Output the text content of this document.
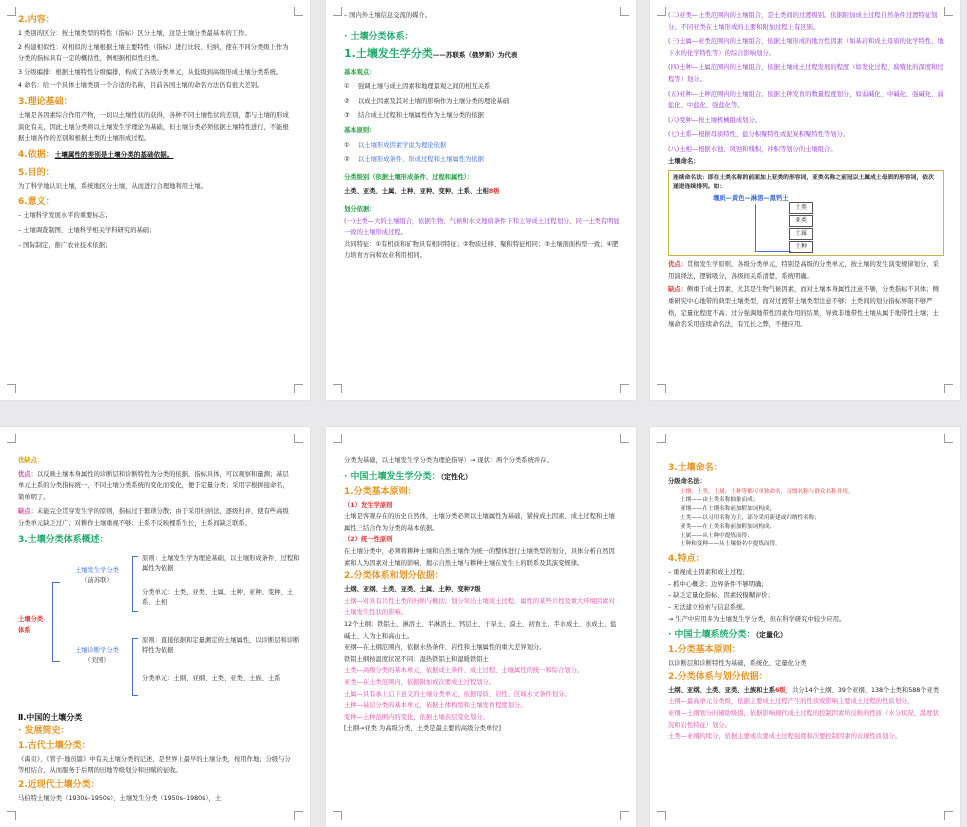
2.内容：

1 类别的区分：按土壤类型的特性（指标）区分土壤，这是土壤分类最基本的工作。

2 构建相似性：对相似的土壤根据土壤主要特性（指标）进行比较、归纳，使在不同分类级上作为分类的指标具有一定的概括性，例相据相似性归类。

3 分级编排：根据土壤特性分级编排，构成了各级分类单元，从低级到高级形成土壤分类系统。

4 命名：给一个具体土壤类别一个合适的名称，目前各国土壤的命名方法仍有很大差别。

3.理论基础：

土壤是各因素综合作用产物，一切以土壤性状的获得，各种不同土壤性状的差别，都与土壤的形成演化有关，因此土壤分类将以土壤发生学理论为基础，但土壤分类必须依据土壤特性进行，不能根据土壤各作的差别和根据土类的土壤形成过程。

4.依据：土壤属性的差别是土壤分类的基础依据。
5.目的：

为了科学地认识土壤，系统地区分土壤，从而进行合理地利用土壤。

6.意义：

– 土壤科学发展水平的重要标志；

– 土壤调查制图、土壤科学相关学科研究的基础；

– 国际制定，推广农业技术依据；

– 国内外土壤信息交流的媒介。

· 土壤分类体系：
1.土壤发生学分类——苏联系（俄罗斯）为代表

基本观点：

① 强调土壤与成土因素和地理景观之间的相互关系

② 以成土因素及其对土壤的影响作为土壤分类的理论基础

③ 结合成土过程和土壤属性作为土壤分类的依据

基本原则：

① 以土壤形成因素学说为理论依据

② 以土壤形成条件、形成过程和土壤属性为依据

分类级别（依据土壤形成条件、过程和属性）：

土类、亚类、土属、土种、亚种、变种、土系、土相8级

划分依据：

(一)土类—大的土壤组合，依据生物、气候和水文地质条件下和主导成土过程划分。同一土类有明显一致的土壤形成过程。

共同特征：①有机质和矿物具有相同特征；②物质迁移、聚积特征相同；③土壤剖面构型一致；④肥力培育方向和农业利用相同。

(二)亚类—土类范围内的土壤组合，是土类间的过渡级别。依据附加成土过程自然条件过渡特征划分。不同亚类在土壤形成的主要和附加过程上有区别。

(三)土属—亚类范围内的土壤组合，依据土壤形成的地方性因素（如基岩和成土母质的化学特性、地下水的化学特性等）的综合影响划分。

(四)土种—土属范围内的土壤组合，依据土壤成土过程发展的程度（如发化过程、腐殖化的深度和过程等）划分。

(五)亚种—土种范围内的土壤组合。依据土种发育的数量程度划分，如弱碱化、中碱化、强碱化、弱盐化、中盐化、强盐化等。

(六)变种—按土壤机械组成划分。

(七)土系—根据母质特性、盐分积聚特性或泥炭积聚特性等划分。

(八)土相—根据水蚀、风蚀和残积，冲积等划分的土壤组合。

土壤命名：

连续命名法：即在土类名称的前面加上亚类的形容词，亚类名称之前冠以土属成土母质的形容词，依次递进连续排列。如：

壤质—黄色—淋溶—黑钙土

土类
亚类
土属
土种

优点：贯彻发生学原则，各级分类单元，特别是高级的分类单元，按土壤的发生演变规律划分，采用演绎法，逻辑吸分，各级间关系清楚，系统明确。

缺点：侧重于成土因素，尤其是生物气候因素，而对土壤本身属性注意不够，分类指标不具体；侧重研究中心地带的典型土壤类型，而对过渡带土壤类型注意不够；土类间的划分指标界限不够严格，定量化程度不高；过分强调地带性因素作用的结果，导致非地带性土壤从属于地带性土壤；土壤命名采用连续命名法，有冗长之弊，不便应用。

优缺点：

优点：以反映土壤本身属性的诊断层和诊断特性为分类的依据，指标具体，可以观察和量测；基层单元土系的分类指标统一，不同土壤分类系统的变化而变化，便于定量分类；采用字根拼接命名，简单明了。

缺点：未能完全贯穿发生学的原则，指标过于繁琐分散；由于采用归纳法，逐级归并，使有些高级分类单元缺乏过广；对耕作土壤重视不够；土系不反映棵系生长，土系间缺乏联系。

3.土壤分类体系概述：
土壤分类体系
土壤发生学分类
（前苏联）
原则：土壤发生学为理论基础，以土壤形成条件、过程和属性为依据
分类单元：土类、亚类、土属、土种、亚种、变种、土系、土相
土壤诊断学分类
（美国）
原则：直接依据和定量测定的土壤属性，以诊断层和诊断特性为依据
分类单元：土纲、亚纲、土类、亚类、土族、土系
Ⅱ.中国的土壤分类
· 发展简史：
1.古代土壤分类：

《禹贡》、《管子·地员篇》中有关土壤分类的记述，是世界上最早的土壤分类，按用作地；分级与分等相结合，从而服务于后期的田地等级划分和田赋的征收。

2.近现代土壤分类：

马伯特土壤分类（1930s–1950s）、土壤发生分类（1950s–1980s），土

分类为基础，以土壤发生学分类为理论指导）→ 现状：两个分类系统并存。

· 中国土壤发生学分类：（定性化）
1.分类基本原则：

（1）发生学原则

土壤是客观存在的历史自然体，土壤分类必须以土壤属性为基础，紧持成土因素、成土过程和土壤属性三结合作为分类的基本依据。

（2）统一性原则

在土壤分类中，必须将耕种土壤和自然土壤作为统一的整体进行土壤类型的划分，具体分析自然因素和人为因素对土壤的影响，揭示自然土壤与耕种土壤在发生上的联系及其演变规律。

2.分类体系和划分依据：

土纲、亚纲、土类、亚类、土属、土种、变种7级

土纲—对具有共性土类的归纳与概括。划分突出土壤成土过程、属性的某些共性及重大环境因素对土壤发生性状的影响。

12个土纲：铁铝土、淋溶土、半淋溶土、钙层土、干旱土、漠土、初育土、半水成土、水成土、盐碱土、人为土和高山土。

亚纲—在土纲范围内，依据水热条件、岩性和土壤属性的重大差异划分。

铁铝土纲按温度状况不同：湿热铁铝土和湿暖铁铝土

土类—高级分类的基本单元，依据成土条件、成土过程、土壤属性的统一和综合划分。

亚类—在土类范围内，依据附加或次要成土过程划分。

土属—具有承上启下意义的土壤分类单元，依据母质、岩性、区域水文条件划分。

土种—基层分类的基本单元，依据土体构型和土壤发育程度划分。

变种—土种范围内的变化，依据土壤表层变化划分。

[土纲→亚类 为高级分类，土类是最主要的高级分类单位]

3.土壤命名：

分级命名法：

土纲、土类、土属、土种等都可单独命名，习惯名称与群众名称并用。
土纲——由土类名称抽象而成；
亚纲——在土纲名称前加附加词构成；
土类——以习用名称为主，部分采用新建或归纳性名称；
亚类——在土类名称前加附加词构成；
土属——从土种中提炼而得；
土种和变种——从土壤俗名中提炼而得。
4.特点：

– 重视成土因素和成土过程；

– 抓中心概念；边界条件不够明确；

– 缺乏定量化指标，因素较模糊评价；

– 无法建立检索与信息系统。

→ 生产中应用多为土壤发生学分类，但在科学研究中较少应用。

· 中国土壤系统分类：（定量化）
1.分类基本原则：

以诊断层和诊断特性为基础，系统化、定量化分类

2.分类体系与划分依据：

土纲、亚纲、土类、亚类、土族和土系6级，共分14个土纲、39个亚纲、138个土类和588个亚类

土纲—最高单元分类级，依据主要成土过程产生的性质或影响主要成土过程的性质划分。

亚纲—土纲划分的辅助级别，依据影响现代成土过程的控制因素所反映的性质（水分状况、温度状况和岩性特征）划分。

土类—亚纲的续分，依据主要或次要成土过程强度和次要控制因素的表现性质划分。
